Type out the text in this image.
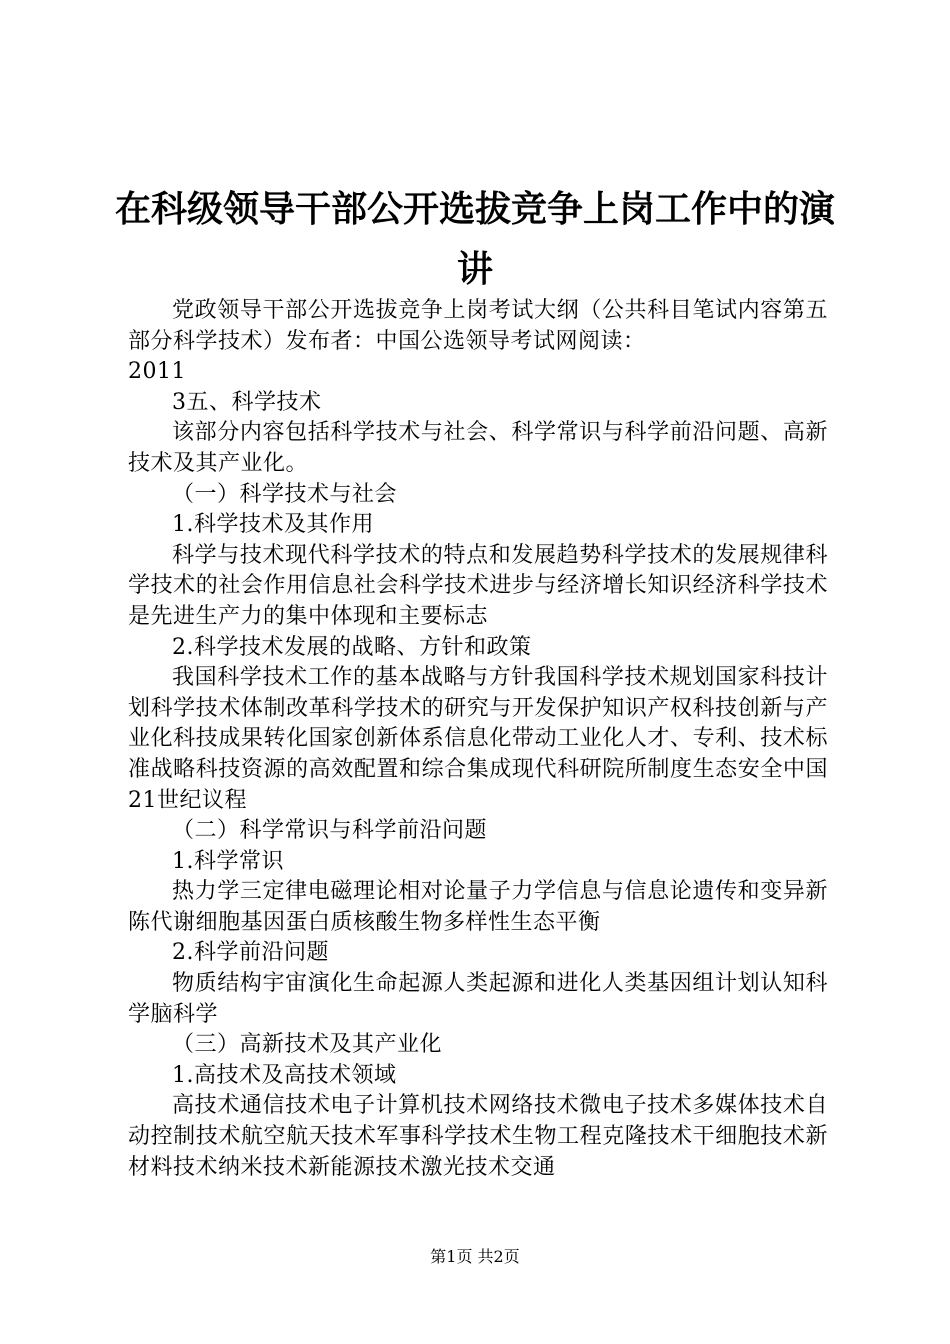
在科级领导干部公开选拔竞争上岗工作中的演讲

党政领导干部公开选拔竞争上岗考试大纲（公共科目笔试内容第五部分科学技术）发布者：中国公选领导考试网阅读：
2011

3五、科学技术

该部分内容包括科学技术与社会、科学常识与科学前沿问题、高新技术及其产业化。

（一）科学技术与社会

1.科学技术及其作用

科学与技术现代科学技术的特点和发展趋势科学技术的发展规律科学技术的社会作用信息社会科学技术进步与经济增长知识经济科学技术是先进生产力的集中体现和主要标志

2.科学技术发展的战略、方针和政策

我国科学技术工作的基本战略与方针我国科学技术规划国家科技计划科学技术体制改革科学技术的研究与开发保护知识产权科技创新与产业化科技成果转化国家创新体系信息化带动工业化人才、专利、技术标准战略科技资源的高效配置和综合集成现代科研院所制度生态安全中国21世纪议程

（二）科学常识与科学前沿问题

1.科学常识

热力学三定律电磁理论相对论量子力学信息与信息论遗传和变异新陈代谢细胞基因蛋白质核酸生物多样性生态平衡

2.科学前沿问题

物质结构宇宙演化生命起源人类起源和进化人类基因组计划认知科学脑科学

（三）高新技术及其产业化

1.高技术及高技术领域

高技术通信技术电子计算机技术网络技术微电子技术多媒体技术自动控制技术航空航天技术军事科学技术生物工程克隆技术干细胞技术新材料技术纳米技术新能源技术激光技术交通

第1页 共2页
